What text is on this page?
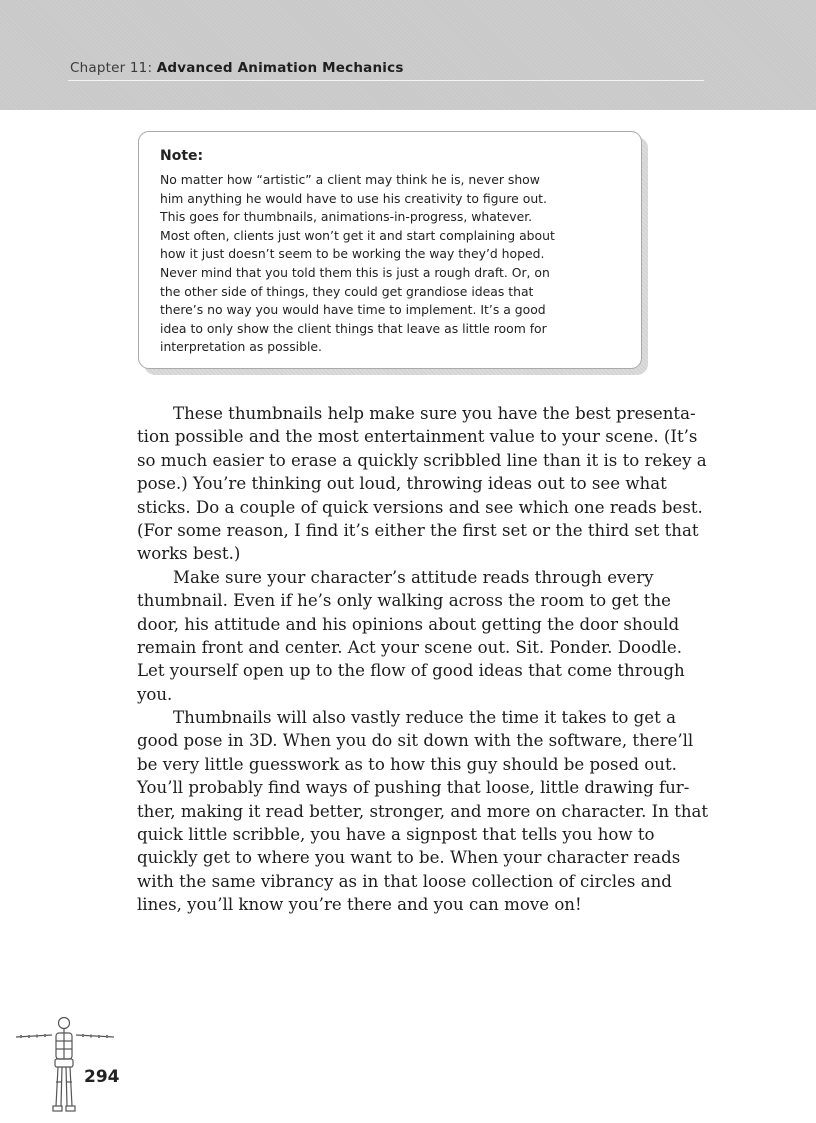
Chapter 11: Advanced Animation Mechanics
Note:
No matter how “artistic” a client may think he is, never show
him anything he would have to use his creativity to figure out.
This goes for thumbnails, animations-in-progress, whatever.
Most often, clients just won’t get it and start complaining about
how it just doesn’t seem to be working the way they’d hoped.
Never mind that you told them this is just a rough draft. Or, on
the other side of things, they could get grandiose ideas that
there’s no way you would have time to implement. It’s a good
idea to only show the client things that leave as little room for
interpretation as possible.
These thumbnails help make sure you have the best presenta-
tion possible and the most entertainment value to your scene. (It’s
so much easier to erase a quickly scribbled line than it is to rekey a
pose.) You’re thinking out loud, throwing ideas out to see what
sticks. Do a couple of quick versions and see which one reads best.
(For some reason, I find it’s either the first set or the third set that
works best.)
Make sure your character’s attitude reads through every
thumbnail. Even if he’s only walking across the room to get the
door, his attitude and his opinions about getting the door should
remain front and center. Act your scene out. Sit. Ponder. Doodle.
Let yourself open up to the flow of good ideas that come through
you.
Thumbnails will also vastly reduce the time it takes to get a
good pose in 3D. When you do sit down with the software, there’ll
be very little guesswork as to how this guy should be posed out.
You’ll probably find ways of pushing that loose, little drawing fur-
ther, making it read better, stronger, and more on character. In that
quick little scribble, you have a signpost that tells you how to
quickly get to where you want to be. When your character reads
with the same vibrancy as in that loose collection of circles and
lines, you’ll know you’re there and you can move on!
294
